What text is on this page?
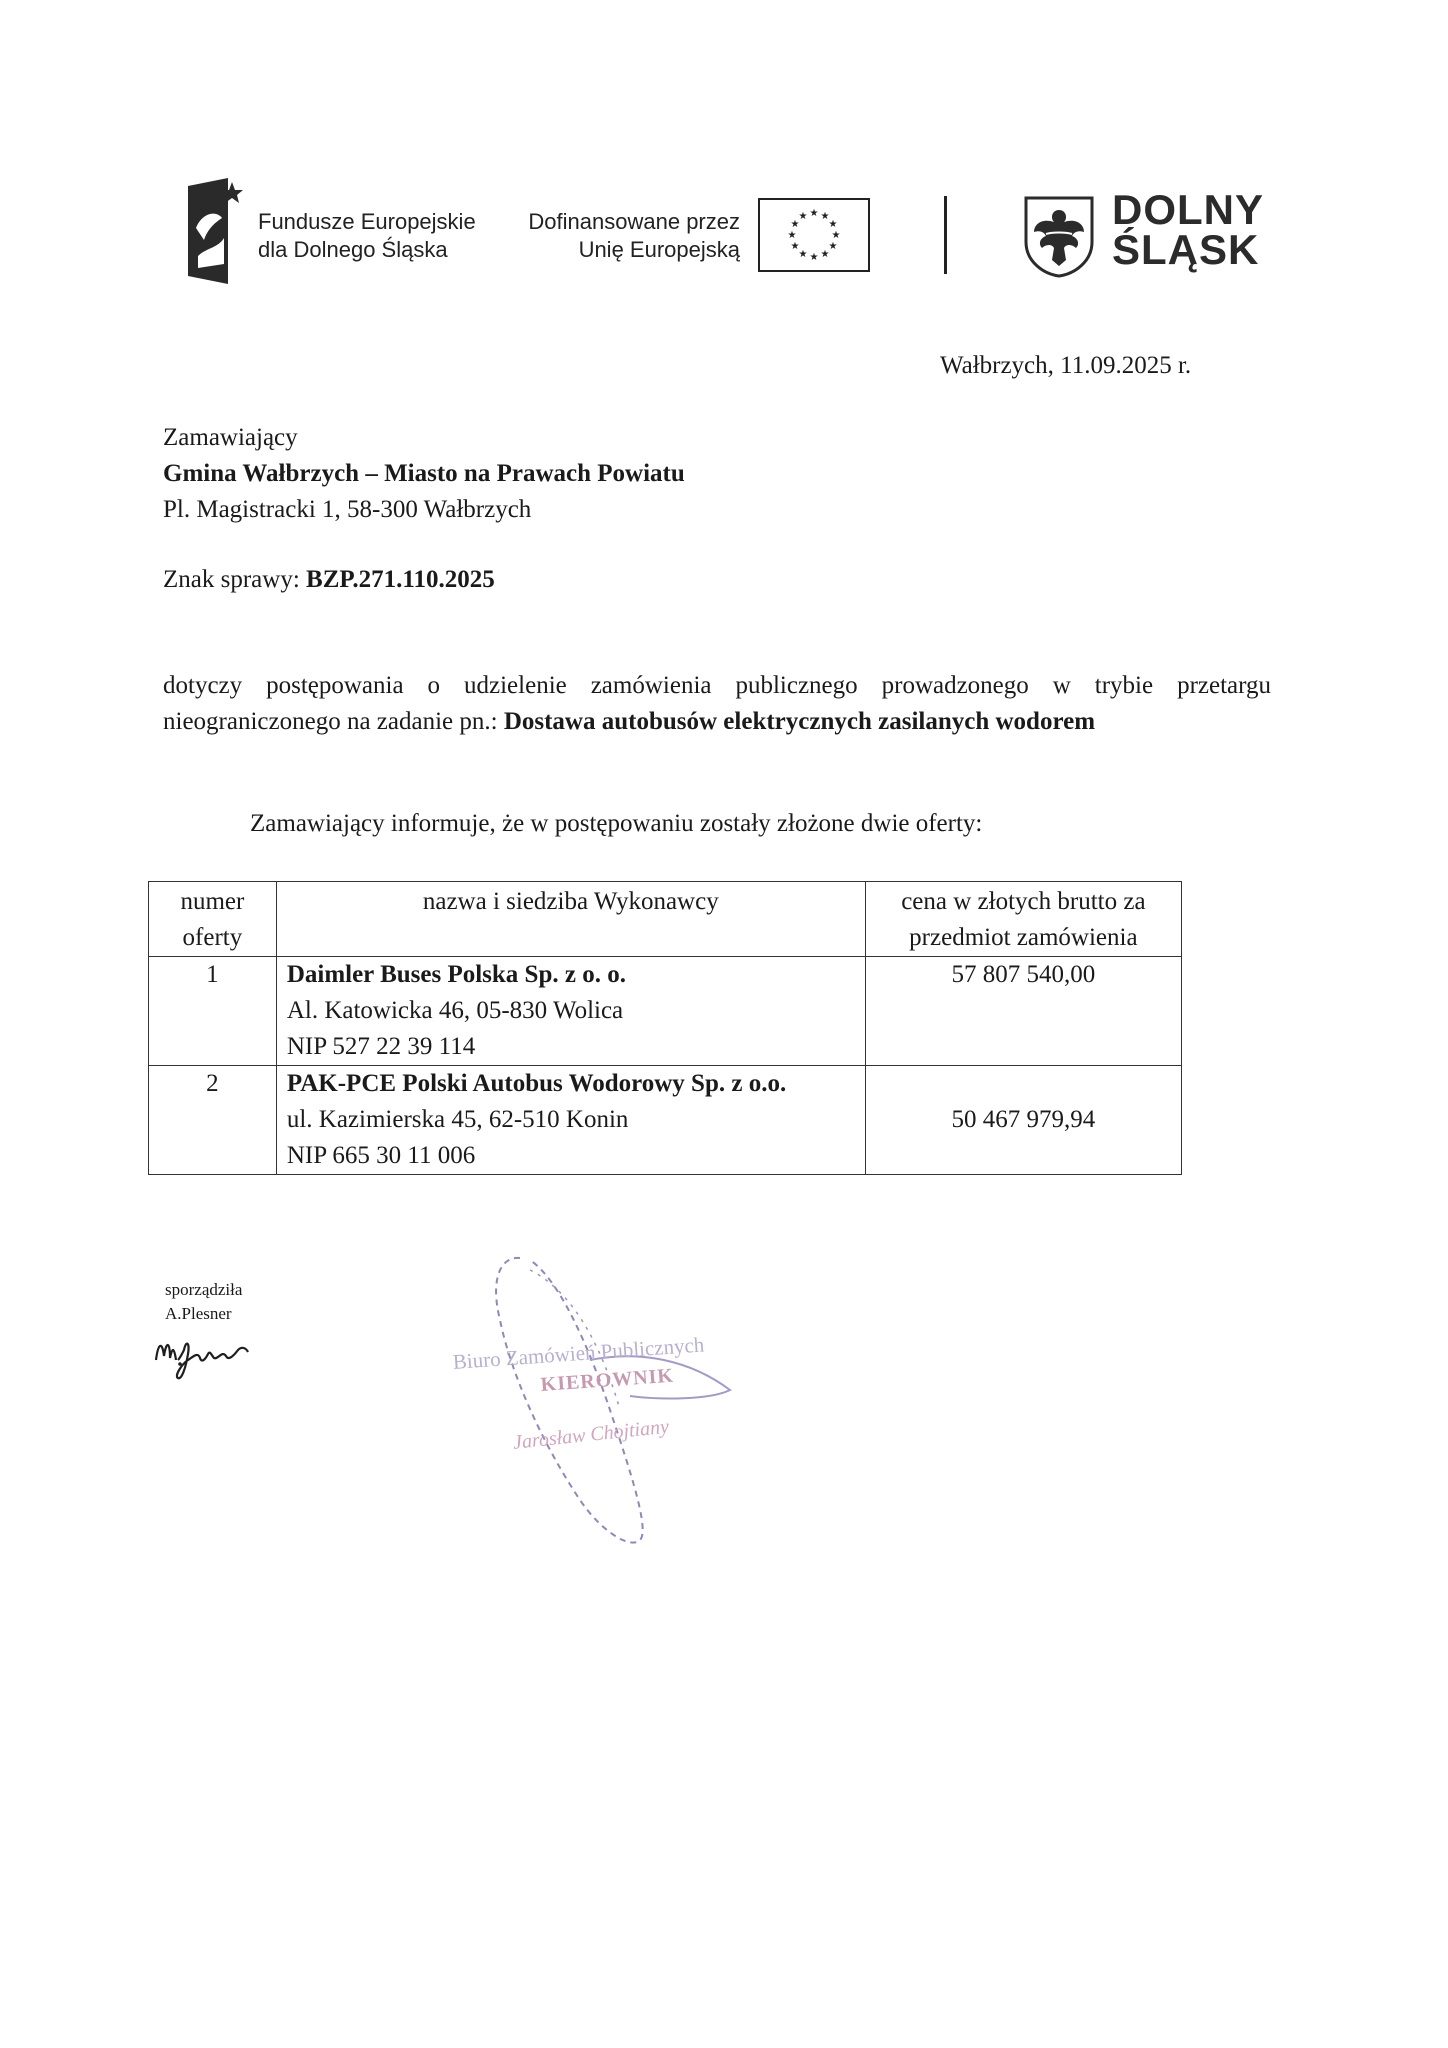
Fundusze Europejskie
dla Dolnego Śląska
Dofinansowane przez
Unię Europejską
★ ★
★
★
★
★
★
★
★
★
★
★	DOLNY
ŚLĄSK
Wałbrzych, 11.09.2025 r.
Zamawiający
Gmina Wałbrzych – Miasto na Prawach Powiatu
Pl. Magistracki 1, 58-300 Wałbrzych
Znak sprawy: BZP.271.110.2025
dotyczy postępowania o udzielenie zamówienia publicznego prowadzonego w trybie przetargu
nieograniczonego na zadanie pn.: Dostawa autobusów elektrycznych zasilanych wodorem
Zamawiający informuje, że w postępowaniu zostały złożone dwie oferty:
numer oferty	nazwa i siedziba Wykonawcy	cena w złotych brutto za przedmiot zamówienia
1	Daimler Buses Polska Sp. z o. o.
Al. Katowicka 46, 05-830 Wolica
NIP 527 22 39 114	57 807 540,00
2	PAK-PCE Polski Autobus Wodorowy Sp. z o.o.
ul. Kazimierska 45, 62-510 Konin
NIP 665 30 11 006	50 467 979,94
sporządziła
A.Plesner
Biuro Zamówień Publicznych
KIEROWNIK
Jarosław Chojtiany
